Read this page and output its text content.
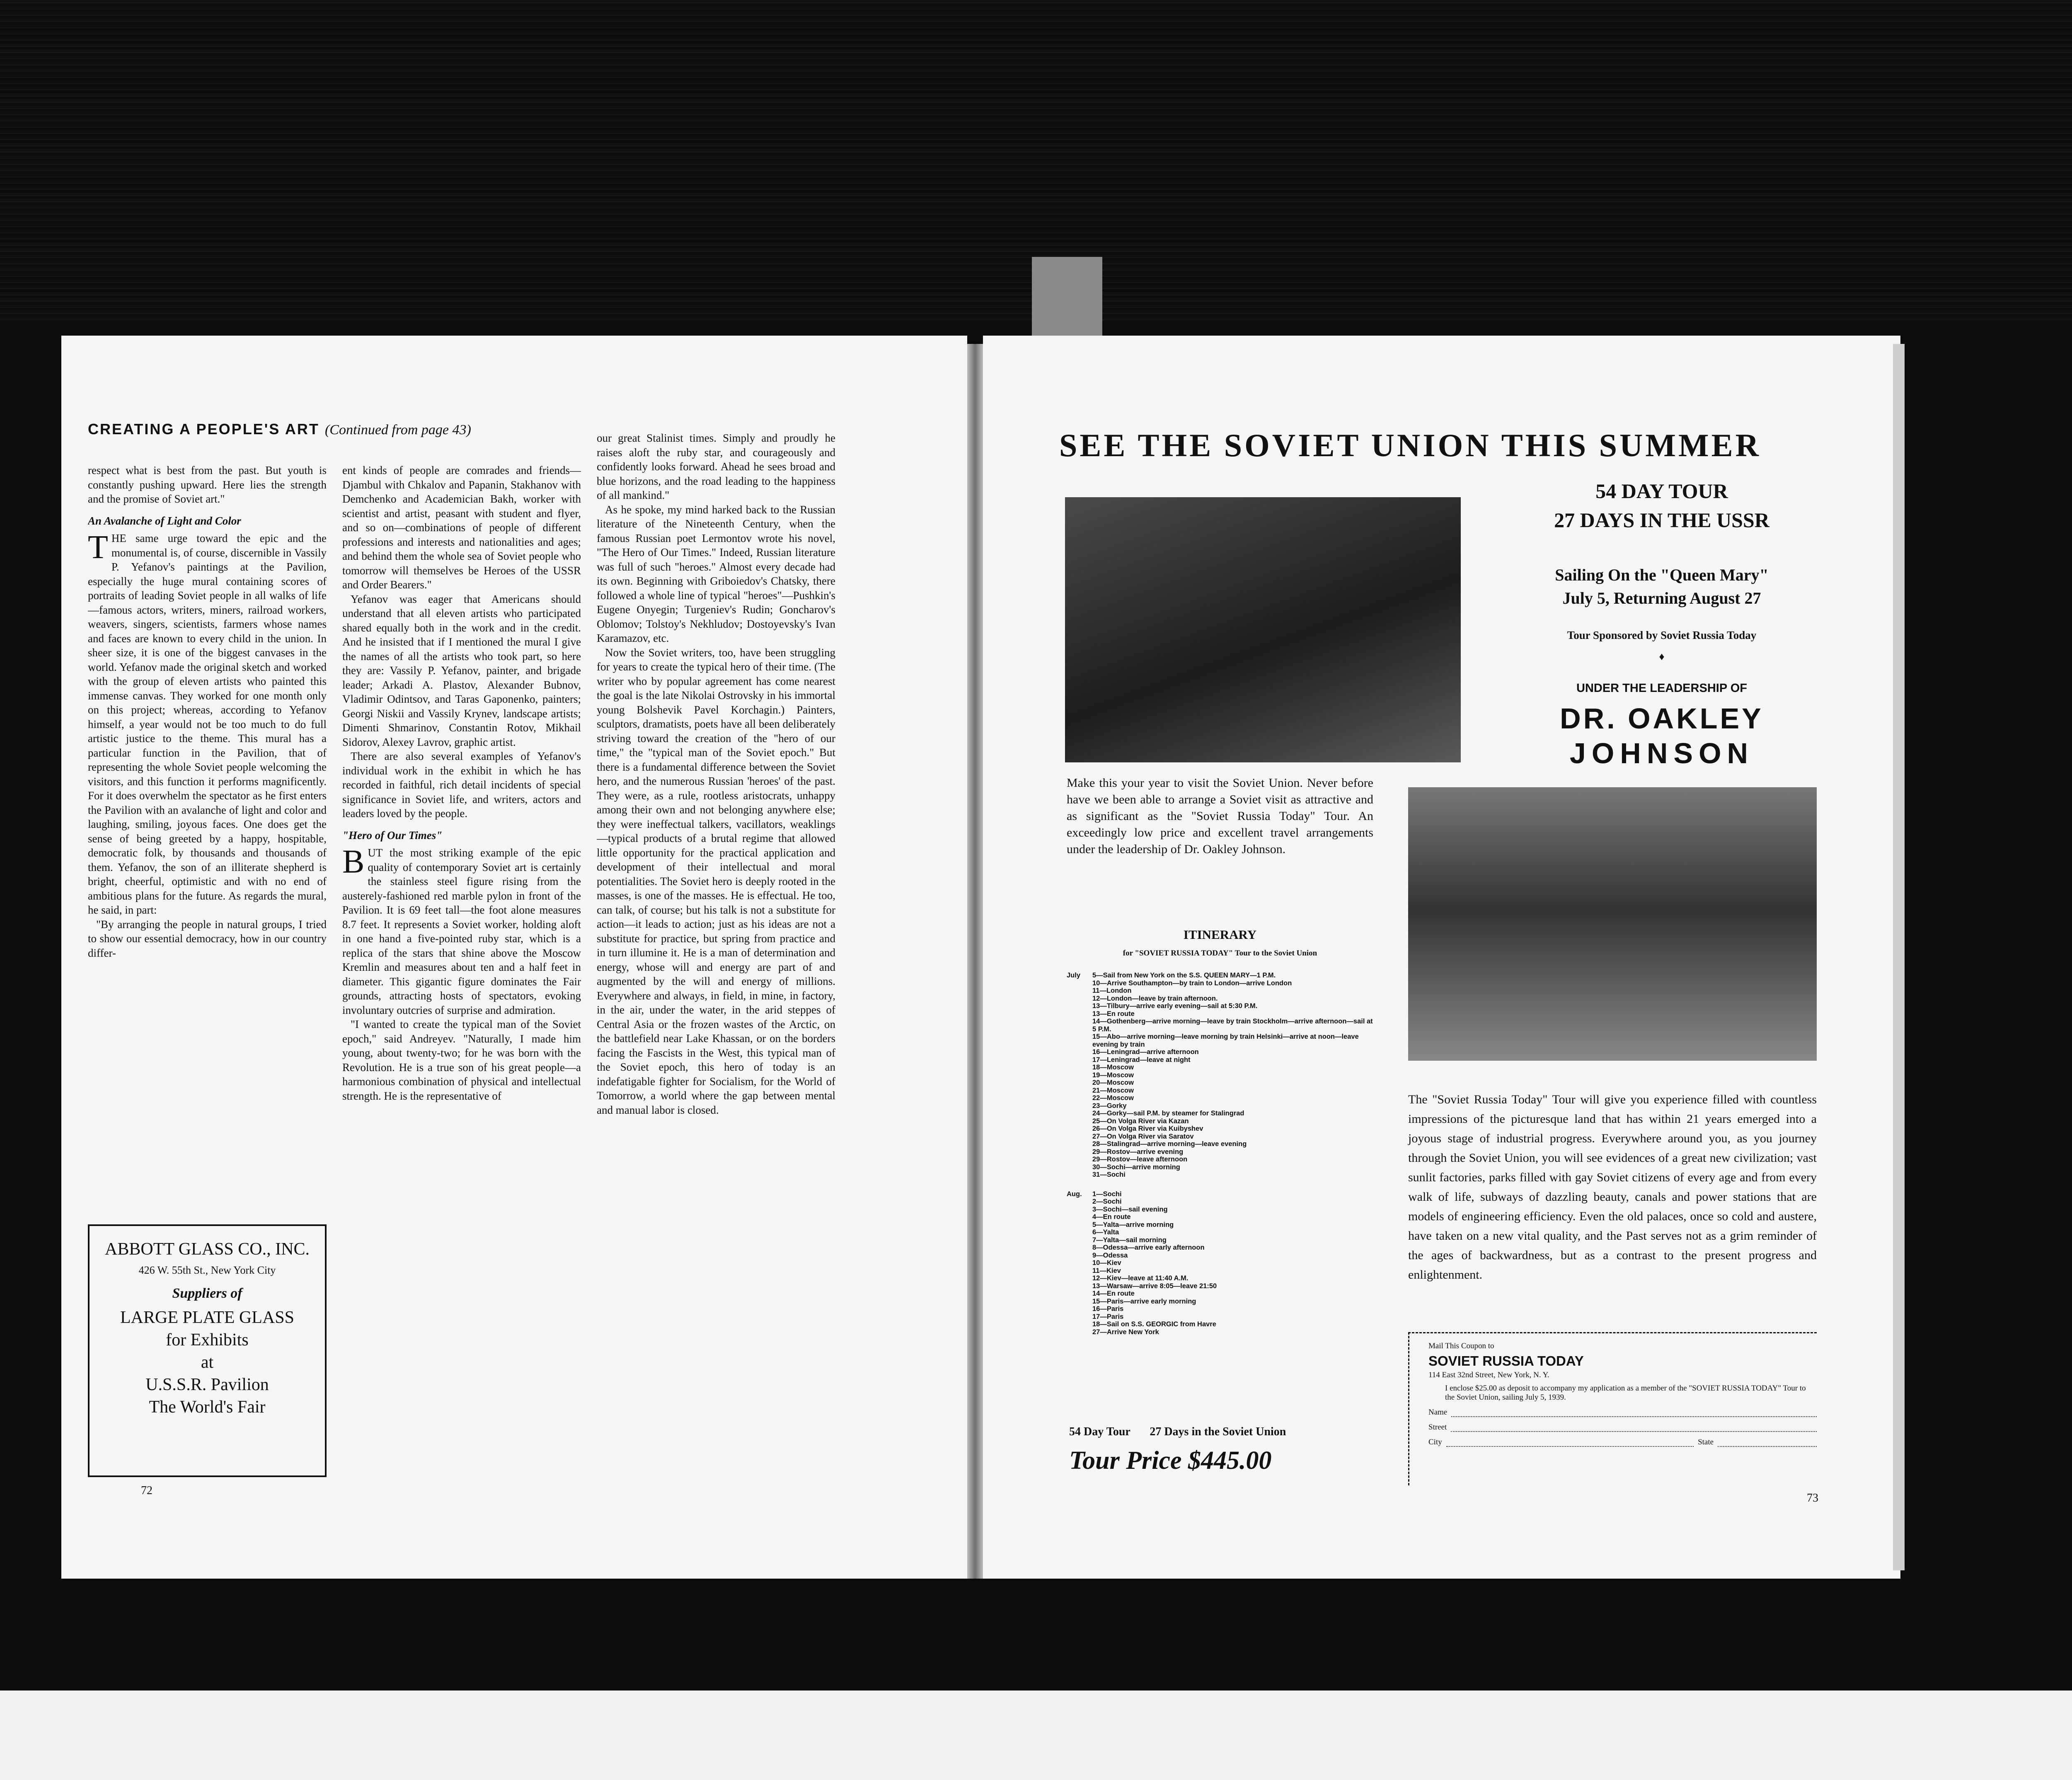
CREATING A PEOPLE'S ART (Continued from page 43)

respect what is best from the past. But youth is constantly pushing upward. Here lies the strength and the promise of Soviet art."

An Avalanche of Light and Color

THE same urge toward the epic and the monumental is, of course, discernible in Vassily P. Yefanov's paintings at the Pavilion, especially the huge mural containing scores of portraits of leading Soviet people in all walks of life—famous actors, writers, miners, railroad workers, weavers, singers, scientists, farmers whose names and faces are known to every child in the union. In sheer size, it is one of the biggest canvases in the world. Yefanov made the original sketch and worked with the group of eleven artists who painted this immense canvas. They worked for one month only on this project; whereas, according to Yefanov himself, a year would not be too much to do full artistic justice to the theme. This mural has a particular function in the Pavilion, that of representing the whole Soviet people welcoming the visitors, and this function it performs magnificently. For it does overwhelm the spectator as he first enters the Pavilion with an avalanche of light and color and laughing, smiling, joyous faces. One does get the sense of being greeted by a happy, hospitable, democratic folk, by thousands and thousands of them. Yefanov, the son of an illiterate shepherd is bright, cheerful, optimistic and with no end of ambitious plans for the future. As regards the mural, he said, in part:

"By arranging the people in natural groups, I tried to show our essential democracy, how in our country differ-

ent kinds of people are comrades and friends—Djambul with Chkalov and Papanin, Stakhanov with Demchenko and Academician Bakh, worker with scientist and artist, peasant with student and flyer, and so on—combinations of people of different professions and interests and nationalities and ages; and behind them the whole sea of Soviet people who tomorrow will themselves be Heroes of the USSR and Order Bearers."

Yefanov was eager that Americans should understand that all eleven artists who participated shared equally both in the work and in the credit. And he insisted that if I mentioned the mural I give the names of all the artists who took part, so here they are: Vassily P. Yefanov, painter, and brigade leader; Arkadi A. Plastov, Alexander Bubnov, Vladimir Odintsov, and Taras Gaponenko, painters; Georgi Niskii and Vassily Krynev, landscape artists; Dimenti Shmarinov, Constantin Rotov, Mikhail Sidorov, Alexey Lavrov, graphic artist.

There are also several examples of Yefanov's individual work in the exhibit in which he has recorded in faithful, rich detail incidents of special significance in Soviet life, and writers, actors and leaders loved by the people.

"Hero of Our Times"

BUT the most striking example of the epic quality of contemporary Soviet art is certainly the stainless steel figure rising from the austerely-fashioned red marble pylon in front of the Pavilion. It is 69 feet tall—the foot alone measures 8.7 feet. It represents a Soviet worker, holding aloft in one hand a five-pointed ruby star, which is a replica of the stars that shine above the Moscow Kremlin and measures about ten and a half feet in diameter. This gigantic figure dominates the Fair grounds, attracting hosts of spectators, evoking involuntary outcries of surprise and admiration.

"I wanted to create the typical man of the Soviet epoch," said Andreyev. "Naturally, I made him young, about twenty-two; for he was born with the Revolution. He is a true son of his great people—a harmonious combination of physical and intellectual strength. He is the representative of

our great Stalinist times. Simply and proudly he raises aloft the ruby star, and courageously and confidently looks forward. Ahead he sees broad and blue horizons, and the road leading to the happiness of all mankind."

As he spoke, my mind harked back to the Russian literature of the Nineteenth Century, when the famous Russian poet Lermontov wrote his novel, "The Hero of Our Times." Indeed, Russian literature was full of such "heroes." Almost every decade had its own. Beginning with Griboiedov's Chatsky, there followed a whole line of typical "heroes"—Pushkin's Eugene Onyegin; Turgeniev's Rudin; Goncharov's Oblomov; Tolstoy's Nekhludov; Dostoyevsky's Ivan Karamazov, etc.

Now the Soviet writers, too, have been struggling for years to create the typical hero of their time. (The writer who by popular agreement has come nearest the goal is the late Nikolai Ostrovsky in his immortal young Bolshevik Pavel Korchagin.) Painters, sculptors, dramatists, poets have all been deliberately striving toward the creation of the "hero of our time," the "typical man of the Soviet epoch." But there is a fundamental difference between the Soviet hero, and the numerous Russian 'heroes' of the past. They were, as a rule, rootless aristocrats, unhappy among their own and not belonging anywhere else; they were ineffectual talkers, vacillators, weaklings—typical products of a brutal regime that allowed little opportunity for the practical application and development of their intellectual and moral potentialities. The Soviet hero is deeply rooted in the masses, is one of the masses. He is effectual. He too, can talk, of course; but his talk is not a substitute for action—it leads to action; just as his ideas are not a substitute for practice, but spring from practice and in turn illumine it. He is a man of determination and energy, whose will and energy are part of and augmented by the will and energy of millions. Everywhere and always, in field, in mine, in factory, in the air, under the water, in the arid steppes of Central Asia or the frozen wastes of the Arctic, on the battlefield near Lake Khassan, or on the borders facing the Fascists in the West, this typical man of the Soviet epoch, this hero of today is an indefatigable fighter for Socialism, for the World of Tomorrow, a world where the gap between mental and manual labor is closed.

ABBOTT GLASS CO., INC.
426 W. 55th St., New York City
Suppliers of
LARGE PLATE GLASS
for Exhibits
at
U.S.S.R. Pavilion
The World's Fair
72
SEE THE SOVIET UNION THIS SUMMER
54 DAY TOUR
27 DAYS IN THE USSR
Sailing On the "Queen Mary"
July 5, Returning August 27
Tour Sponsored by Soviet Russia Today
♦
UNDER THE LEADERSHIP OF
DR. OAKLEY
JOHNSON
Make this your year to visit the Soviet Union. Never before have we been able to arrange a Soviet visit as attractive and as significant as the "Soviet Russia Today" Tour. An exceedingly low price and excellent travel arrangements under the leadership of Dr. Oakley Johnson.
ITINERARY
for "SOVIET RUSSIA TODAY" Tour to the Soviet Union
July	5—Sail from New York on the S.S. QUEEN MARY—1 P.M.
10—Arrive Southampton—by train to London—arrive London
11—London
12—London—leave by train afternoon.
13—Tilbury—arrive early evening—sail at 5:30 P.M.
13—En route
14—Gothenberg—arrive morning—leave by train Stockholm—arrive afternoon—sail at 5 P.M.
15—Abo—arrive morning—leave morning by train Helsinki—arrive at noon—leave evening by train
16—Leningrad—arrive afternoon
17—Leningrad—leave at night
18—Moscow
19—Moscow
20—Moscow
21—Moscow
22—Moscow
23—Gorky
24—Gorky—sail P.M. by steamer for Stalingrad
25—On Volga River via Kazan
26—On Volga River via Kuibyshev
27—On Volga River via Saratov
28—Stalingrad—arrive morning—leave evening
29—Rostov—arrive evening
29—Rostov—leave afternoon
30—Sochi—arrive morning
31—Sochi
Aug.	1—Sochi
2—Sochi
3—Sochi—sail evening
4—En route
5—Yalta—arrive morning
6—Yalta
7—Yalta—sail morning
8—Odessa—arrive early afternoon
9—Odessa
10—Kiev
11—Kiev
12—Kiev—leave at 11:40 A.M.
13—Warsaw—arrive 8:05—leave 21:50
14—En route
15—Paris—arrive early morning
16—Paris
17—Paris
18—Sail on S.S. GEORGIC from Havre
27—Arrive New York
54 Day Tour 27 Days in the Soviet Union
Tour Price $445.00
The "Soviet Russia Today" Tour will give you experience filled with countless impressions of the picturesque land that has within 21 years emerged into a joyous stage of industrial progress. Everywhere around you, as you journey through the Soviet Union, you will see evidences of a great new civilization; vast sunlit factories, parks filled with gay Soviet citizens of every age and from every walk of life, subways of dazzling beauty, canals and power stations that are models of engineering efficiency. Even the old palaces, once so cold and austere, have taken on a new vital quality, and the Past serves not as a grim reminder of the ages of backwardness, but as a contrast to the present progress and enlightenment.
Mail This Coupon to
SOVIET RUSSIA TODAY
114 East 32nd Street, New York, N. Y.
I enclose $25.00 as deposit to accompany my application as a member of the "SOVIET RUSSIA TODAY" Tour to the Soviet Union, sailing July 5, 1939.
Name
Street
City	State
73
